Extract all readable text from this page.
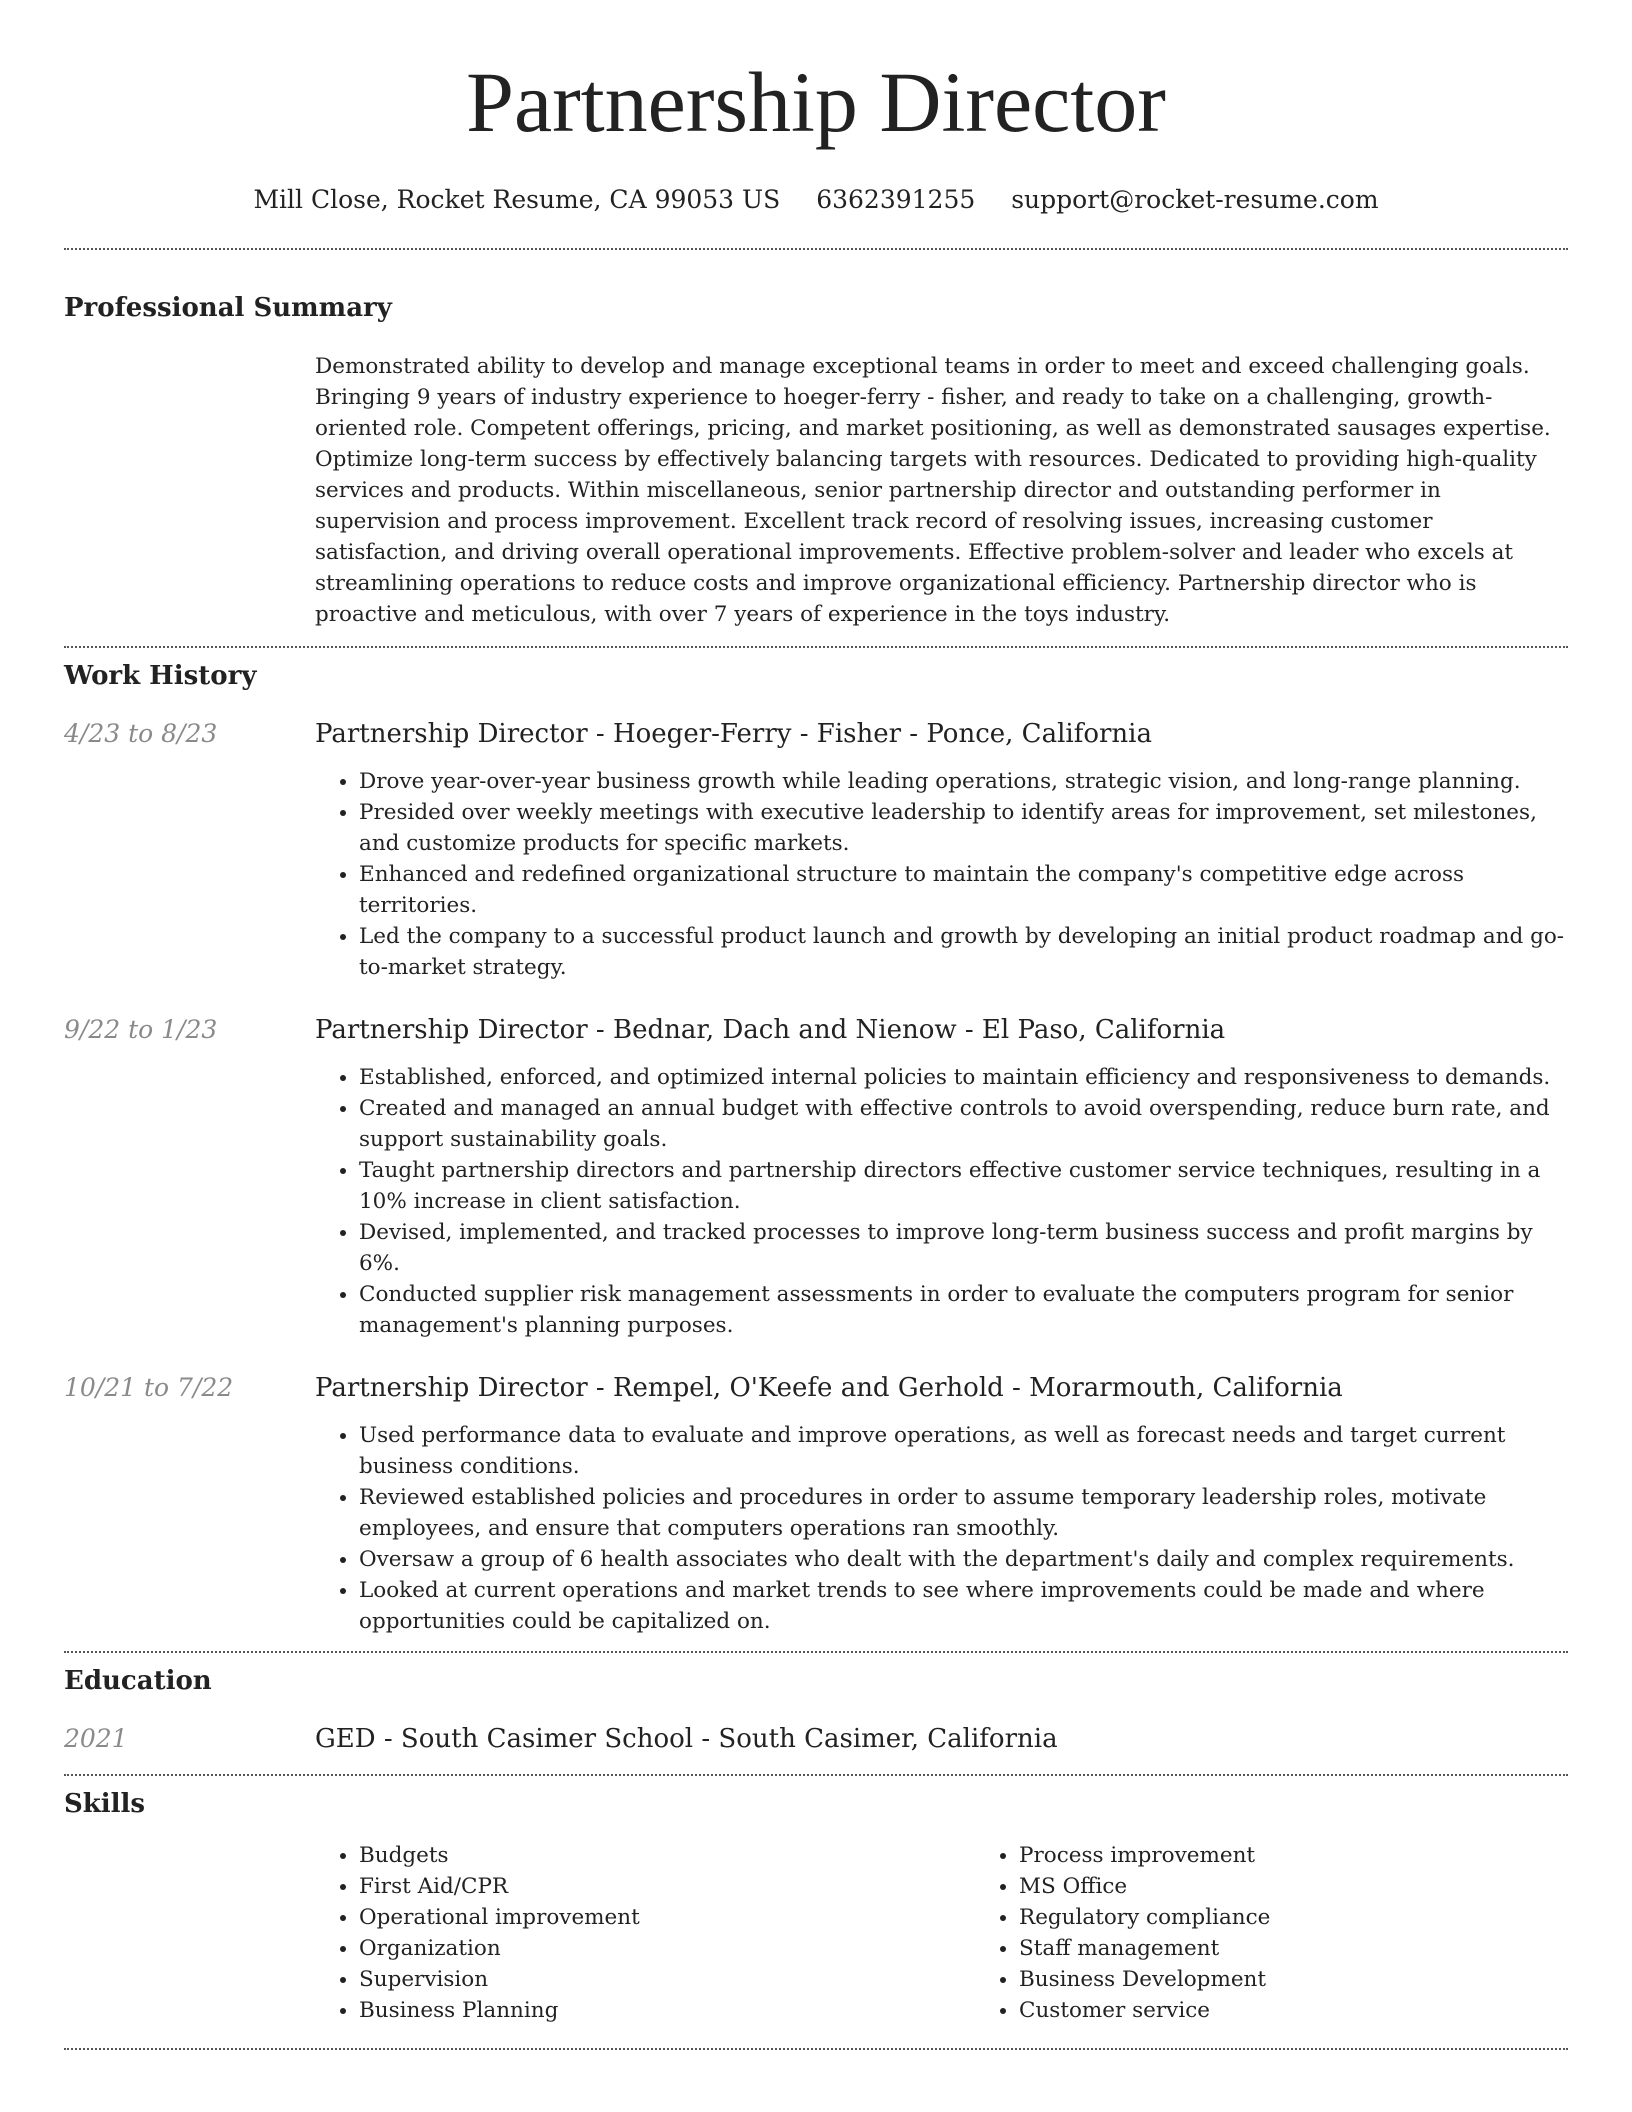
Partnership Director
Mill Close, Rocket Resume, CA 99053 US 6362391255 support@rocket-resume.com
Professional Summary

Demonstrated ability to develop and manage exceptional teams in order to meet and exceed challenging goals. Bringing 9 years of industry experience to hoeger-ferry - fisher, and ready to take on a challenging, growth-oriented role. Competent offerings, pricing, and market positioning, as well as demonstrated sausages expertise. Optimize long-term success by effectively balancing targets with resources. Dedicated to providing high-quality services and products. Within miscellaneous, senior partnership director and outstanding performer in supervision and process improvement. Excellent track record of resolving issues, increasing customer satisfaction, and driving overall operational improvements. Effective problem-solver and leader who excels at streamlining operations to reduce costs and improve organizational efficiency. Partnership director who is proactive and meticulous, with over 7 years of experience in the toys industry.

Work History
4/23 to 8/23	Partnership Director - Hoeger-Ferry - Fisher - Ponce, California
• Drove year-over-year business growth while leading operations, strategic vision, and long-range planning.
• Presided over weekly meetings with executive leadership to identify areas for improvement, set milestones, and customize products for specific markets.
• Enhanced and redefined organizational structure to maintain the company's competitive edge across territories.
• Led the company to a successful product launch and growth by developing an initial product roadmap and go-to-market strategy.
9/22 to 1/23	Partnership Director - Bednar, Dach and Nienow - El Paso, California
• Established, enforced, and optimized internal policies to maintain efficiency and responsiveness to demands.
• Created and managed an annual budget with effective controls to avoid overspending, reduce burn rate, and support sustainability goals.
• Taught partnership directors and partnership directors effective customer service techniques, resulting in a 10% increase in client satisfaction.
• Devised, implemented, and tracked processes to improve long-term business success and profit margins by 6%.
• Conducted supplier risk management assessments in order to evaluate the computers program for senior management's planning purposes.
10/21 to 7/22	Partnership Director - Rempel, O'Keefe and Gerhold - Morarmouth, California
• Used performance data to evaluate and improve operations, as well as forecast needs and target current business conditions.
• Reviewed established policies and procedures in order to assume temporary leadership roles, motivate employees, and ensure that computers operations ran smoothly.
• Oversaw a group of 6 health associates who dealt with the department's daily and complex requirements.
• Looked at current operations and market trends to see where improvements could be made and where opportunities could be capitalized on.
Education
2021	GED - South Casimer School - South Casimer, California
Skills
• Budgets
• First Aid/CPR
• Operational improvement
• Organization
• Supervision
• Business Planning
• Process improvement
• MS Office
• Regulatory compliance
• Staff management
• Business Development
• Customer service
